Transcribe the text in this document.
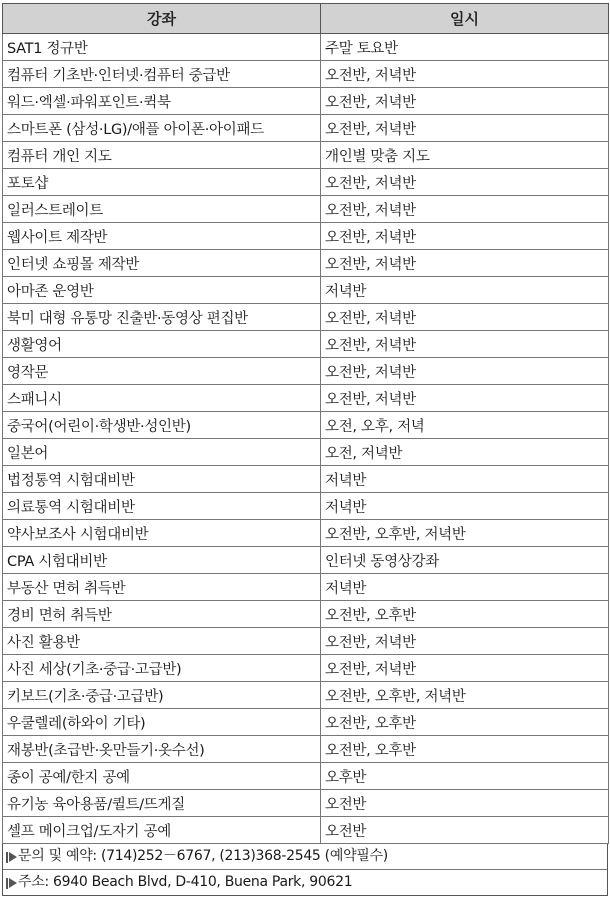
강좌	일시
SAT1 정규반	주말 토요반
컴퓨터 기초반·인터넷·컴퓨터 중급반	오전반, 저녁반
워드·엑셀·파워포인트·퀵북	오전반, 저녁반
스마트폰 (삼성·LG)/애플 아이폰·아이패드	오전반, 저녁반
컴퓨터 개인 지도	개인별 맞춤 지도
포토샵	오전반, 저녁반
일러스트레이트	오전반, 저녁반
웹사이트 제작반	오전반, 저녁반
인터넷 쇼핑몰 제작반	오전반, 저녁반
아마존 운영반	저녁반
북미 대형 유통망 진출반·동영상 편집반	오전반, 저녁반
생활영어	오전반, 저녁반
영작문	오전반, 저녁반
스패니시	오전반, 저녁반
중국어(어린이·학생반·성인반)	오전, 오후, 저녁
일본어	오전, 저녁반
법정통역 시험대비반	저녁반
의료통역 시험대비반	저녁반
약사보조사 시험대비반	오전반, 오후반, 저녁반
CPA 시험대비반	인터넷 동영상강좌
부동산 면허 취득반	저녁반
경비 면허 취득반	오전반, 오후반
사진 활용반	오전반, 저녁반
사진 세상(기초·중급·고급반)	오전반, 저녁반
키보드(기초·중급·고급반)	오전반, 오후반, 저녁반
우쿨렐레(하와이 기타)	오전반, 오후반
재봉반(초급반·옷만들기·옷수선)	오전반, 오후반
종이 공예/한지 공예	오후반
유기농 육아용품/퀼트/뜨게질	오전반
셀프 메이크업/도자기 공예	오전반
문의 및 예약: (714)252－6767, (213)368-2545 (예약필수)
주소: 6940 Beach Blvd, D-410, Buena Park, 90621
